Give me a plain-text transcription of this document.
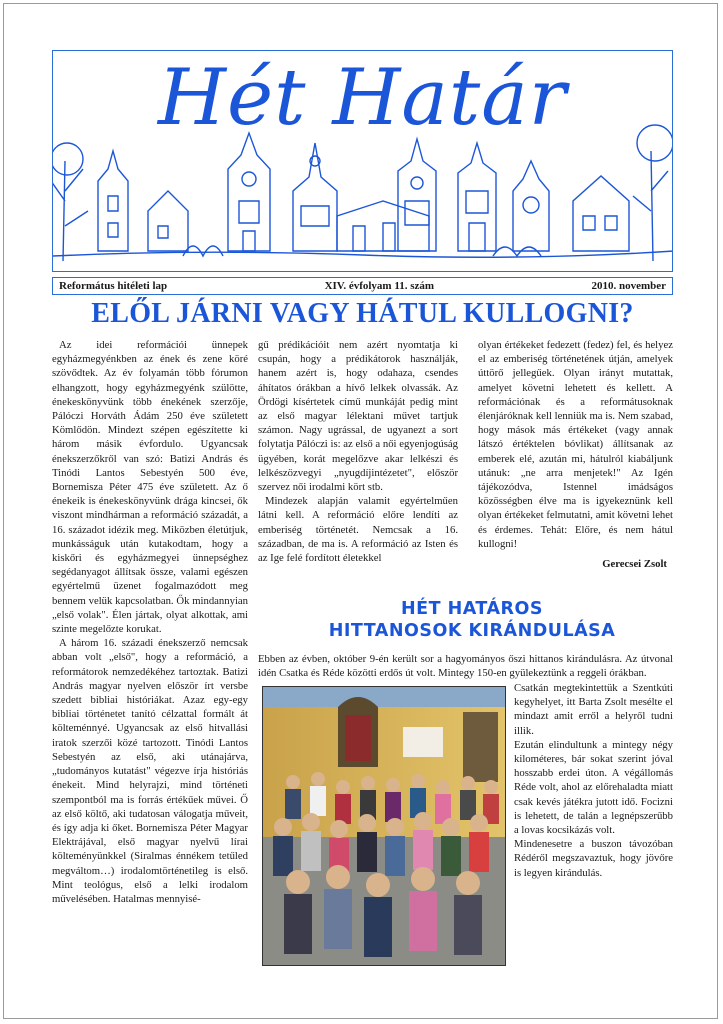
Hét Határ
Református hitéleti lap	XIV. évfolyam 11. szám	2010. november
ELŐL JÁRNI VAGY HÁTUL KULLOGNI?

Az idei reformációi ünnepek egyházmegyénkben az ének és zene köré szövődtek. Az év folyamán több fórumon elhangzott, hogy egyházmegyénk szülötte, énekeskönyvünk több énekének szerzője, Pálóczi Horváth Ádám 250 éve született Kömlődön. Mindezt szépen egészítette ki három másik évfordulo. Ugyancsak énekszerzőkről van szó: Batizi András és Tinódi Lantos Sebestyén 500 éve, Bornemisza Péter 475 éve született. Az ő énekeik is énekeskönyvünk drága kincsei, ők viszont mindhárman a reformáció századát, a 16. századot idézik meg. Miközben életútjuk, munkásságuk után kutakodtam, hogy a kiskőri és egyházmegyei ünnepséghez segédanyagot állítsak össze, valami egészen egyértelmű üzenet fogalmazódott meg bennem velük kapcsolatban. Ők mindannyian „első volak". Élen jártak, olyat alkottak, ami szinte megelőzte korukat.

A három 16. századi énekszerző nemcsak abban volt „első", hogy a reformáció, a reformátorok nemzedékéhez tartoztak. Batizi András magyar nyelven először írt versbe szedett bibliai históriákat. Azaz egy-egy bibliai történetet tanító célzattal formált át költeménnyé. Ugyancsak az első hitvallási iratok szerzői közé tartozott. Tinódi Lantos Sebestyén az első, aki utánajárva, „tudományos kutatást" végezve írja históriás énekeit. Mind helyrajzi, mind történeti szempontból ma is forrás értékűek művei. Ő az első költő, aki tudatosan válogatja műveit, és így adja ki őket. Bornemisza Péter Magyar Elektrájával, első magyar nyelvű lírai költeményünkkel (Siralmas énnékem tetűled megváltom…) irodalomtörténetileg is első. Mint teológus, első a lelki irodalom művelésében. Hatalmas mennyisé-

gű prédikációit nem azért nyomtatja ki csupán, hogy a prédikátorok használják, hanem azért is, hogy odahaza, csendes áhítatos órákban a hívő lelkek olvassák. Az Ördögi kísértetek című munkáját pedig mint az első magyar lélektani művet tartjuk számon. Nagy ugrással, de ugyanezt a sort folytatja Pálóczi is: az első a női egyenjogúság ügyében, korát megelőzve akar lelkészi és lelkészözvegyi „nyugdíjintézetet", először szervez női irodalmi kört stb.

Mindezek alapján valamit egyértelműen látni kell. A reformáció előre lendíti az emberiség történetét. Nemcsak a 16. században, de ma is. A reformáció az Isten és az Ige felé fordított életekkel

olyan értékeket fedezett (fedez) fel, és helyez el az emberiség történetének útján, amelyek úttörő jellegűek. Olyan irányt mutattak, amelyet követni lehetett és kellett. A reformációnak és a reformátusoknak élenjáróknak kell lenniük ma is. Nem szabad, hogy mások más értékeket (vagy annak látszó értéktelen bóvlikat) állítsanak az emberek elé, azután mi, hátulról kiabáljunk utánuk: „ne arra menjetek!" Az Igén tájékozódva, Istennel imádságos közösségben élve ma is igyekeznünk kell olyan értékeket felmutatni, amit követni lehet és érdemes. Tehát: Előre, és nem hátul kullogni!

Gerecsei Zsolt

HÉT HATÁROS
HITTANOSOK KIRÁNDULÁSA

Ebben az évben, október 9-én került sor a hagyományos őszi hittanos kirándulásra. Az útvonal idén Csatka és Réde közötti erdős út volt. Mintegy 150-en gyülekeztünk a reggeli órákban.

Csatkán megtekintettük a Szentkúti kegyhelyet, itt Barta Zsolt mesélte el mindazt amit erről a helyről tudni illik.

Ezután elindultunk a mintegy négy kilométeres, bár sokat szerint jóval hosszabb erdei úton. A végállomás Réde volt, ahol az előrehaladta miatt csak kevés játékra jutott idő. Focizni is lehetett, de talán a legnépszerűbb a lovas kocsikázás volt.

Mindenesetre a buszon távozóban Rédéről megszavaztuk, hogy jövőre is legyen kirándulás.
